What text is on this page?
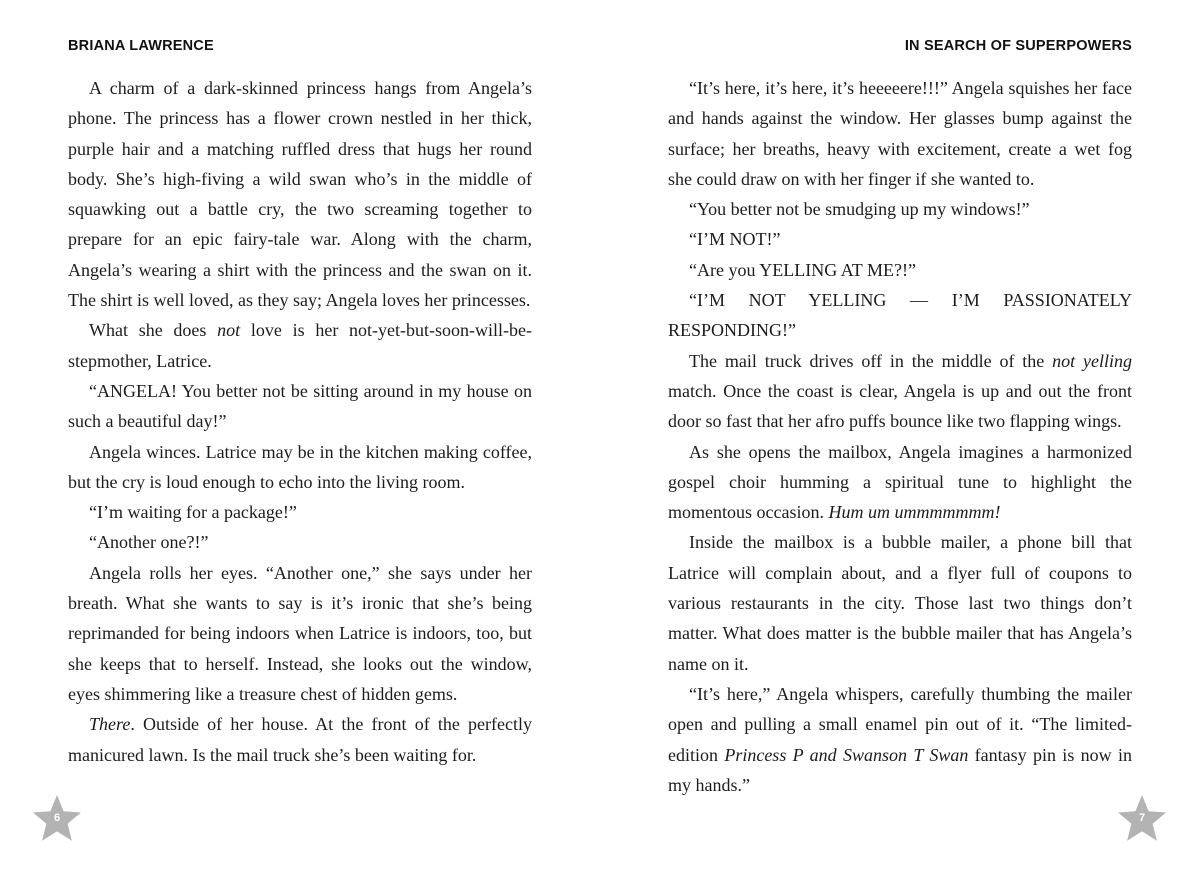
BRIANA LAWRENCE	IN SEARCH OF SUPERPOWERS

A charm of a dark-skinned princess hangs from Angela’s phone. The princess has a flower crown nestled in her thick, purple hair and a matching ruffled dress that hugs her round body. She’s high-fiving a wild swan who’s in the middle of squawking out a battle cry, the two screaming together to prepare for an epic fairy-tale war. Along with the charm, Angela’s wearing a shirt with the princess and the swan on it. The shirt is well loved, as they say; Angela loves her princesses.

What she does not love is her not-yet-but-soon-will-be-stepmother, Latrice.

“ANGELA! You better not be sitting around in my house on such a beautiful day!”

Angela winces. Latrice may be in the kitchen making coffee, but the cry is loud enough to echo into the living room.

“I’m waiting for a package!”

“Another one?!”

Angela rolls her eyes. “Another one,” she says under her breath. What she wants to say is it’s ironic that she’s being reprimanded for being indoors when Latrice is indoors, too, but she keeps that to herself. Instead, she looks out the window, eyes shimmering like a treasure chest of hidden gems.

There. Outside of her house. At the front of the perfectly manicured lawn. Is the mail truck she’s been waiting for.

“It’s here, it’s here, it’s heeeeere!!!” Angela squishes her face and hands against the window. Her glasses bump against the surface; her breaths, heavy with excitement, create a wet fog she could draw on with her finger if she wanted to.

“You better not be smudging up my windows!”

“I’M NOT!”

“Are you YELLING AT ME?!”

“I’M NOT YELLING — I’M PASSIONATELY RESPONDING!”

The mail truck drives off in the middle of the not yelling match. Once the coast is clear, Angela is up and out the front door so fast that her afro puffs bounce like two flapping wings.

As she opens the mailbox, Angela imagines a harmonized gospel choir humming a spiritual tune to highlight the momentous occasion. Hum um ummmmmmm!

Inside the mailbox is a bubble mailer, a phone bill that Latrice will complain about, and a flyer full of coupons to various restaurants in the city. Those last two things don’t matter. What does matter is the bubble mailer that has Angela’s name on it.

“It’s here,” Angela whispers, carefully thumbing the mailer open and pulling a small enamel pin out of it. “The limited-edition Princess P and Swanson T Swan fantasy pin is now in my hands.”

6	7
